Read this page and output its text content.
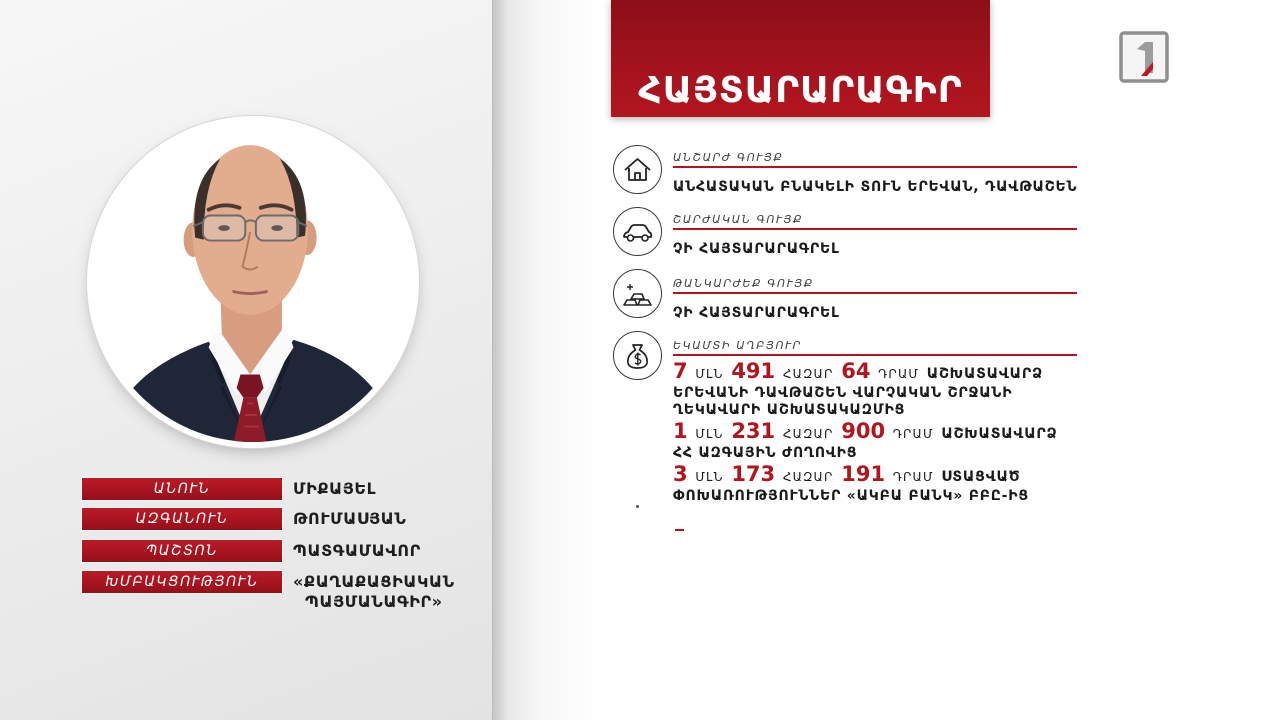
ԱՆՈՒՆ	ՄԻՔԱՅԵԼ
ԱԶԳԱՆՈՒՆ	ԹՈՒՄԱՍՅԱՆ
ՊԱՇՏՈՆ	ՊԱՏԳԱՄԱՎՈՐ
ԽՄԲԱԿՑՈՒԹՅՈՒՆ	«ՔԱՂԱՔԱՑԻԱԿԱՆ
ՊԱՅՄԱՆԱԳԻՐ»
ՀԱՅՏԱՐԱՐԱԳԻՐ
ԱՆՇԱՐԺ ԳՈՒՅՔ
ԱՆՀԱՏԱԿԱՆ ԲՆԱԿԵԼԻ ՏՈՒՆ ԵՐԵՎԱՆ, ԴԱՎԹԱՇԵՆ
ՇԱՐԺԱԿԱՆ ԳՈՒՅՔ
ՉԻ ՀԱՅՏԱՐԱՐԱԳՐԵԼ
ԹԱՆԿԱՐԺԵՔ ԳՈՒՅՔ
ՉԻ ՀԱՅՏԱՐԱՐԱԳՐԵԼ
ԵԿԱՄՏԻ ԱՂԲՅՈՒՐ
7 ՄԼՆ 491 ՀԱԶԱՐ 64 ԴՐԱՄ ԱՇԽԱՏԱՎԱՐՁ
ԵՐԵՎԱՆԻ ԴԱՎԹԱՇԵՆ ՎԱՐՉԱԿԱՆ ՇՐՋԱՆԻ
ՂԵԿԱՎԱՐԻ ԱՇԽԱՏԱԿԱԶՄԻՑ
1 ՄԼՆ 231 ՀԱԶԱՐ 900 ԴՐԱՄ ԱՇԽԱՏԱՎԱՐՁ
ՀՀ ԱԶԳԱՅԻՆ ԺՈՂՈՎԻՑ
3 ՄԼՆ 173 ՀԱԶԱՐ 191 ԴՐԱՄ ՍՏԱՑՎԱԾ
ՓՈԽԱՌՈՒԹՅՈՒՆՆԵՐ «ԱԿԲԱ ԲԱՆԿ» ԲԲԸ-ԻՑ
